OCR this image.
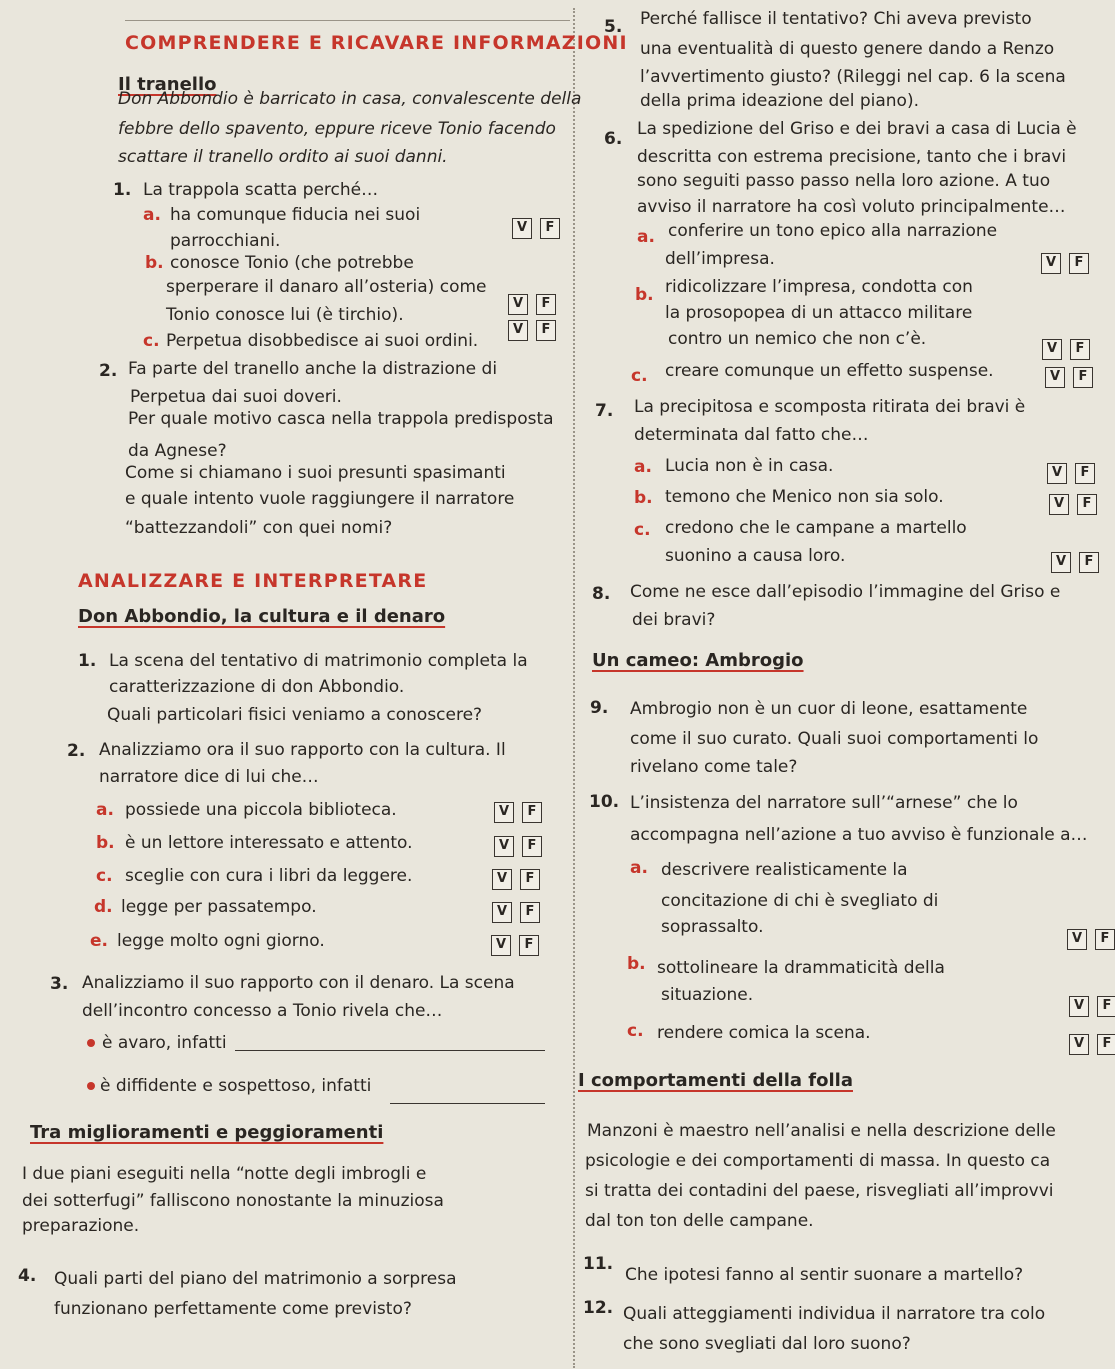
COMPRENDERE E RICAVARE INFORMAZIONI
Il tranello
Don Abbondio è barricato in casa, convalescente della
febbre dello spavento, eppure riceve Tonio facendo
scattare il tranello ordito ai suoi danni.
1. La trappola scatta perché…
a. ha comunque fiducia nei suoi
parrocchiani.
V	F
b. conosce Tonio (che potrebbe
sperperare il danaro all’osteria) come
Tonio conosce lui (è tirchio).
V	F
c. Perpetua disobbedisce ai suoi ordini.
V	F
2. Fa parte del tranello anche la distrazione di
Perpetua dai suoi doveri.
Per quale motivo casca nella trappola predisposta
da Agnese?
Come si chiamano i suoi presunti spasimanti
e quale intento vuole raggiungere il narratore
“battezzandoli” con quei nomi?
ANALIZZARE E INTERPRETARE
Don Abbondio, la cultura e il denaro
1. La scena del tentativo di matrimonio completa la
caratterizzazione di don Abbondio.
Quali particolari fisici veniamo a conoscere?
2. Analizziamo ora il suo rapporto con la cultura. Il
narratore dice di lui che…
a. possiede una piccola biblioteca.	V	F
b. è un lettore interessato e attento.	V	F
c. sceglie con cura i libri da leggere.	V	F
d. legge per passatempo.	V	F
e. legge molto ogni giorno.	V	F
3. Analizziamo il suo rapporto con il denaro. La scena
dell’incontro concesso a Tonio rivela che…
è avaro, infatti
è diffidente e sospettoso, infatti
Tra miglioramenti e peggioramenti
I due piani eseguiti nella “notte degli imbrogli e
dei sotterfugi” falliscono nonostante la minuziosa
preparazione.
4. Quali parti del piano del matrimonio a sorpresa
funzionano perfettamente come previsto?
5. Perché fallisce il tentativo? Chi aveva previsto
una eventualità di questo genere dando a Renzo
l’avvertimento giusto? (Rileggi nel cap. 6 la scena
della prima ideazione del piano).
6. La spedizione del Griso e dei bravi a casa di Lucia è
descritta con estrema precisione, tanto che i bravi
sono seguiti passo passo nella loro azione. A tuo
avviso il narratore ha così voluto principalmente…
a. conferire un tono epico alla narrazione
dell’impresa.	V	F
b. ridicolizzare l’impresa, condotta con
la prosopopea di un attacco militare
contro un nemico che non c’è.	V	F
c. creare comunque un effetto suspense.	V	F
7. La precipitosa e scomposta ritirata dei bravi è
determinata dal fatto che…
a. Lucia non è in casa.	V	F
b. temono che Menico non sia solo.	V	F
c. credono che le campane a martello
suonino a causa loro.	V	F
8. Come ne esce dall’episodio l’immagine del Griso e
dei bravi?
Un cameo: Ambrogio
9. Ambrogio non è un cuor di leone, esattamente
come il suo curato. Quali suoi comportamenti lo
rivelano come tale?
10. L’insistenza del narratore sull’“arnese” che lo
accompagna nell’azione a tuo avviso è funzionale a…
a. descrivere realisticamente la
concitazione di chi è svegliato di
soprassalto.
V	F
b. sottolineare la drammaticità della
situazione.
V	F
c. rendere comica la scena.
V	F
I comportamenti della folla
Manzoni è maestro nell’analisi e nella descrizione delle
psicologie e dei comportamenti di massa. In questo ca
si tratta dei contadini del paese, risvegliati all’improvvi
dal ton ton delle campane.
11.
Che ipotesi fanno al sentir suonare a martello?
12. Quali atteggiamenti individua il narratore tra colo
che sono svegliati dal loro suono?
